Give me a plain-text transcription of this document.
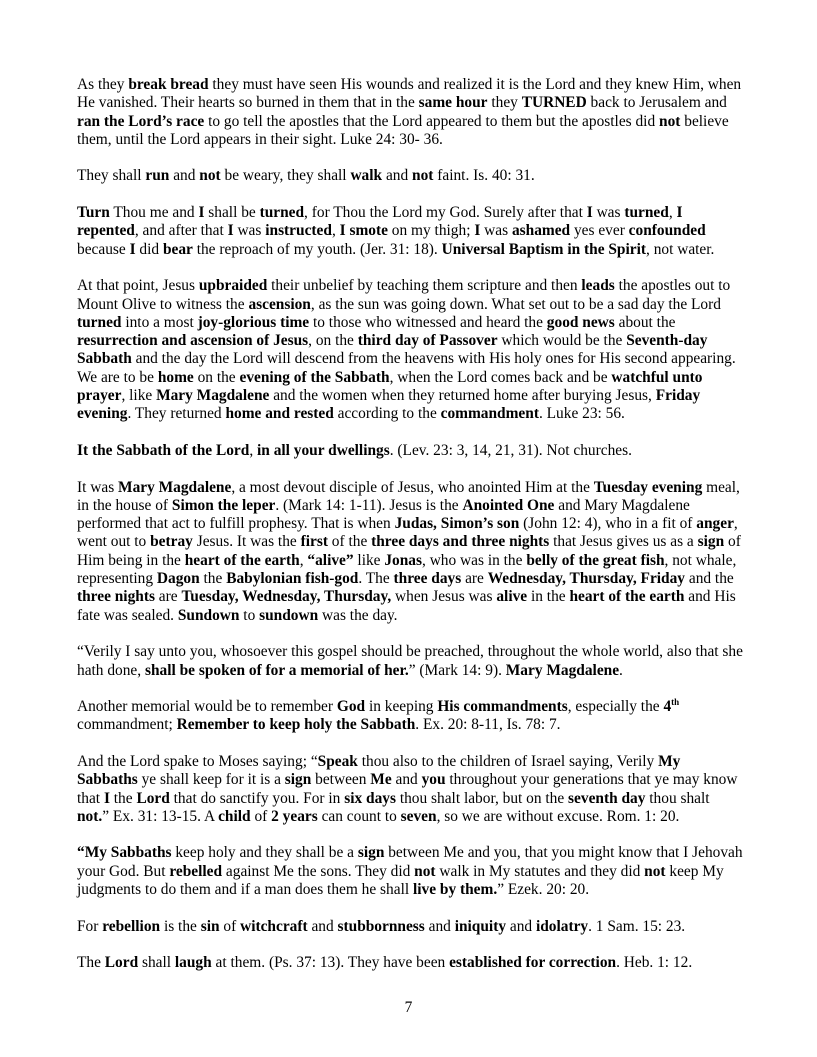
As they break bread they must have seen His wounds and realized it is the Lord and they knew Him, when He vanished. Their hearts so burned in them that in the same hour they TURNED back to Jerusalem and ran the Lord’s race to go tell the apostles that the Lord appeared to them but the apostles did not believe them, until the Lord appears in their sight. Luke 24: 30- 36.

They shall run and not be weary, they shall walk and not faint. Is. 40: 31.

Turn Thou me and I shall be turned, for Thou the Lord my God. Surely after that I was turned, I repented, and after that I was instructed, I smote on my thigh; I was ashamed yes ever confounded because I did bear the reproach of my youth. (Jer. 31: 18). Universal Baptism in the Spirit, not water.

At that point, Jesus upbraided their unbelief by teaching them scripture and then leads the apostles out to Mount Olive to witness the ascension, as the sun was going down. What set out to be a sad day the Lord turned into a most joy-glorious time to those who witnessed and heard the good news about the resurrection and ascension of Jesus, on the third day of Passover which would be the Seventh-day Sabbath and the day the Lord will descend from the heavens with His holy ones for His second appearing. We are to be home on the evening of the Sabbath, when the Lord comes back and be watchful unto prayer, like Mary Magdalene and the women when they returned home after burying Jesus, Friday evening. They returned home and rested according to the commandment. Luke 23: 56.

It the Sabbath of the Lord, in all your dwellings. (Lev. 23: 3, 14, 21, 31). Not churches.

It was Mary Magdalene, a most devout disciple of Jesus, who anointed Him at the Tuesday evening meal, in the house of Simon the leper. (Mark 14: 1-11). Jesus is the Anointed One and Mary Magdalene performed that act to fulfill prophesy. That is when Judas, Simon’s son (John 12: 4), who in a fit of anger, went out to betray Jesus. It was the first of the three days and three nights that Jesus gives us as a sign of Him being in the heart of the earth, “alive” like Jonas, who was in the belly of the great fish, not whale, representing Dagon the Babylonian fish-god. The three days are Wednesday, Thursday, Friday and the three nights are Tuesday, Wednesday, Thursday, when Jesus was alive in the heart of the earth and His fate was sealed. Sundown to sundown was the day.

“Verily I say unto you, whosoever this gospel should be preached, throughout the whole world, also that she hath done, shall be spoken of for a memorial of her.” (Mark 14: 9). Mary Magdalene.

Another memorial would be to remember God in keeping His commandments, especially the 4th commandment; Remember to keep holy the Sabbath. Ex. 20: 8-11, Is. 78: 7.

And the Lord spake to Moses saying; “Speak thou also to the children of Israel saying, Verily My Sabbaths ye shall keep for it is a sign between Me and you throughout your generations that ye may know that I the Lord that do sanctify you. For in six days thou shalt labor, but on the seventh day thou shalt not.” Ex. 31: 13-15. A child of 2 years can count to seven, so we are without excuse. Rom. 1: 20.

“My Sabbaths keep holy and they shall be a sign between Me and you, that you might know that I Jehovah your God. But rebelled against Me the sons. They did not walk in My statutes and they did not keep My judgments to do them and if a man does them he shall live by them.” Ezek. 20: 20.

For rebellion is the sin of witchcraft and stubbornness and iniquity and idolatry. 1 Sam. 15: 23.

The Lord shall laugh at them. (Ps. 37: 13). They have been established for correction. Heb. 1: 12.

7
